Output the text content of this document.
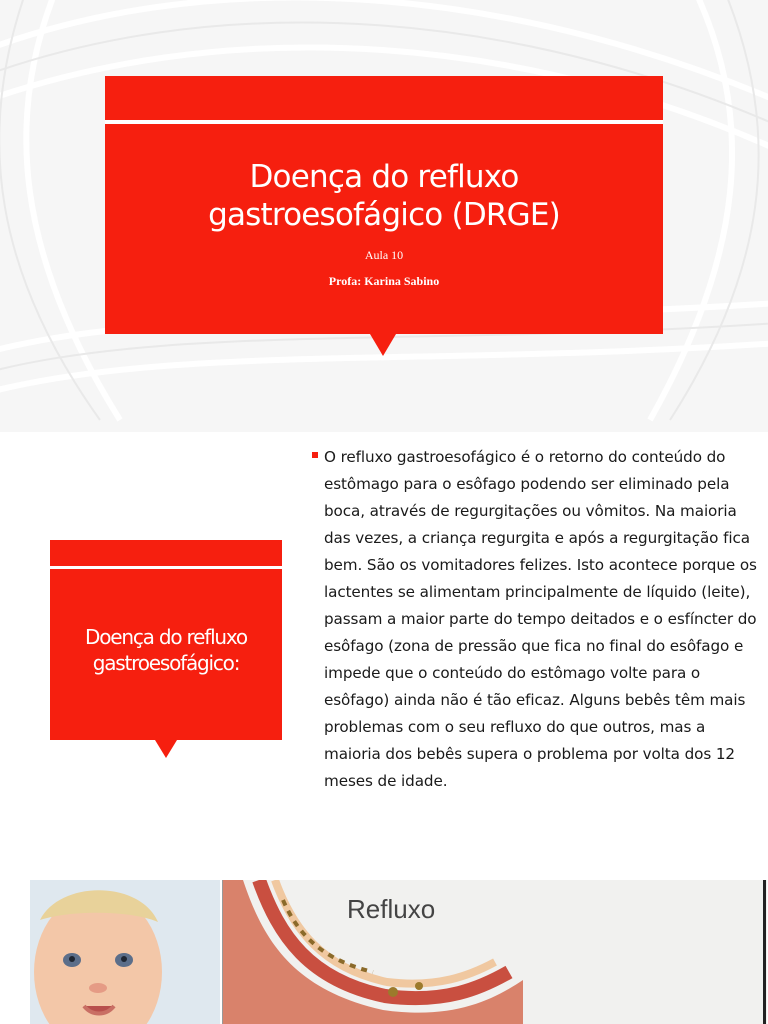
Doença do refluxo
gastroesofágico (DRGE)
Aula 10
Profa: Karina Sabino
Doença do refluxo
gastroesofágico:
O refluxo gastroesofágico é o retorno do conteúdo do estômago para o esôfago podendo ser eliminado pela boca, através de regurgitações ou vômitos. Na maioria das vezes, a criança regurgita e após a regurgitação fica bem. São os vomitadores felizes. Isto acontece porque os lactentes se alimentam principalmente de líquido (leite), passam a maior parte do tempo deitados e o esfíncter do esôfago (zona de pressão que fica no final do esôfago e impede que o conteúdo do estômago volte para o esôfago) ainda não é tão eficaz. Alguns bebês têm mais problemas com o seu refluxo do que outros, mas a maioria dos bebês supera o problema por volta dos 12 meses de idade.
Refluxo
